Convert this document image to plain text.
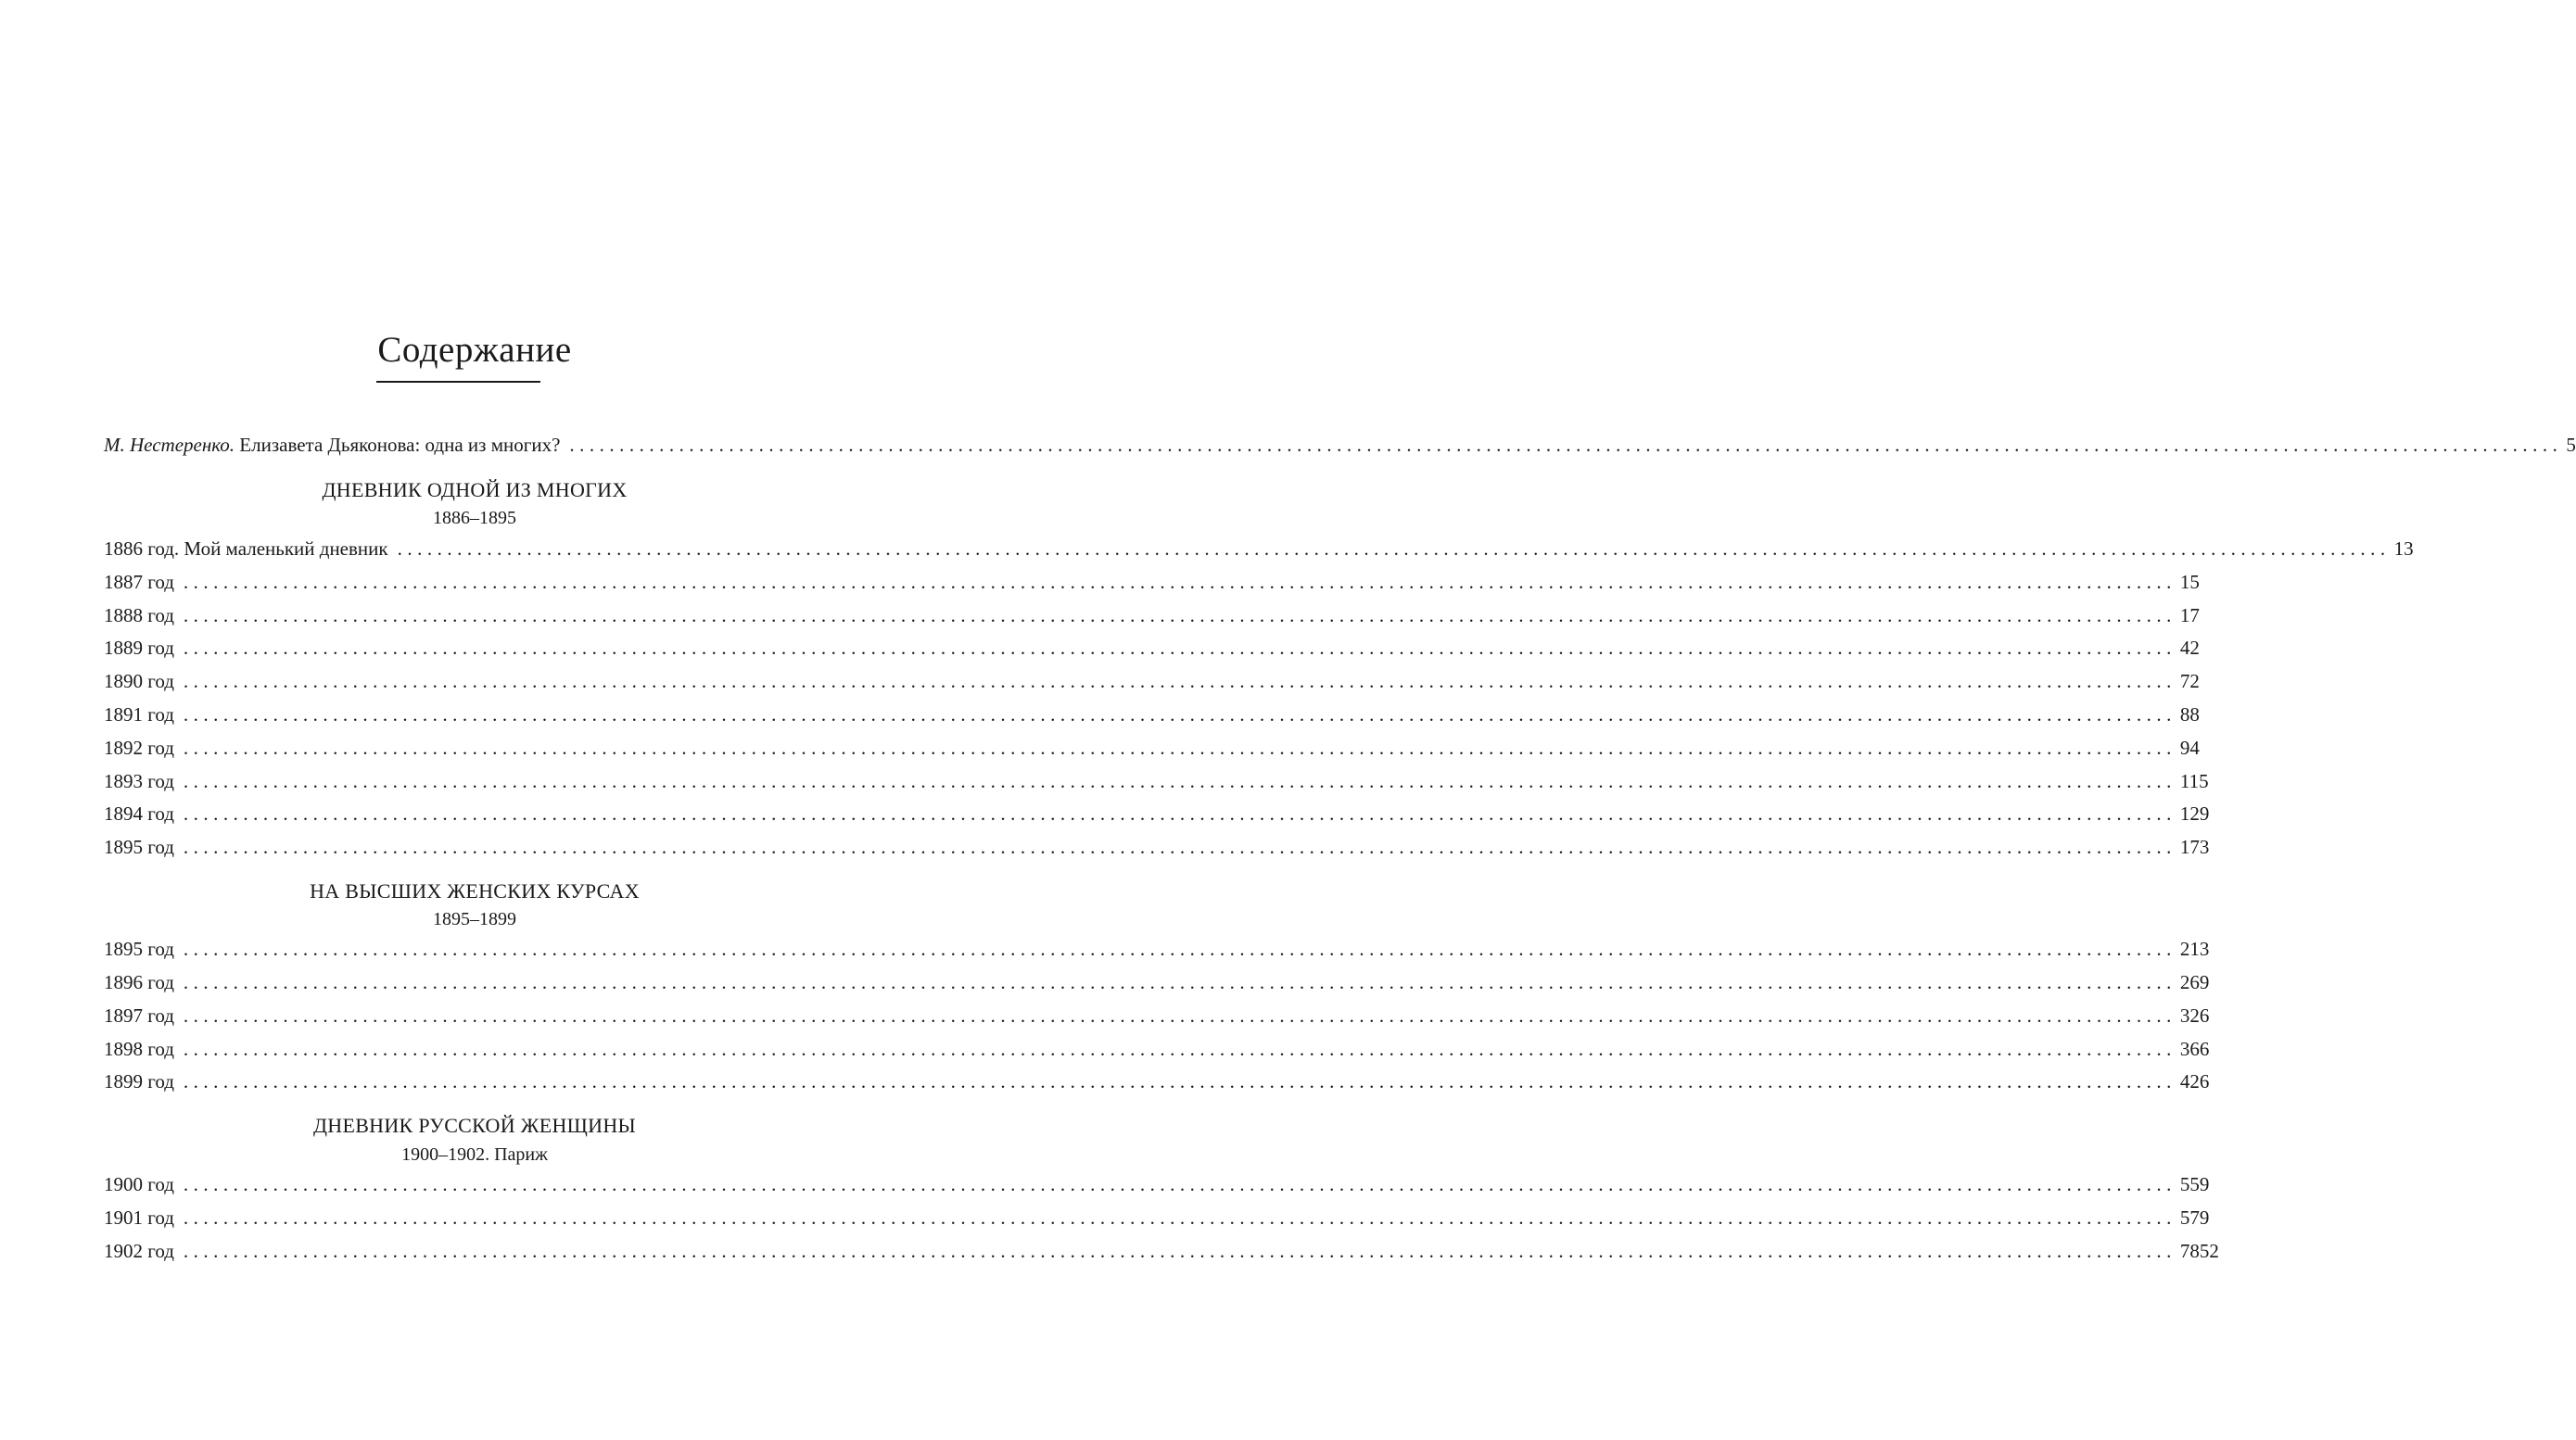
Содержание
М. Нестеренко. Елизавета Дьяконова: одна из многих? ........................................................................................................................................................................................................ 5
ДНЕВНИК ОДНОЙ ИЗ МНОГИХ
1886–1895
1886 год. Мой маленький дневник ........................................................................................................................................................................................................ 13
1887 год ........................................................................................................................................................................................................ 15
1888 год ........................................................................................................................................................................................................ 17
1889 год ........................................................................................................................................................................................................ 42
1890 год ........................................................................................................................................................................................................ 72
1891 год ........................................................................................................................................................................................................ 88
1892 год ........................................................................................................................................................................................................ 94
1893 год ........................................................................................................................................................................................................ 115
1894 год ........................................................................................................................................................................................................ 129
1895 год ........................................................................................................................................................................................................ 173
НА ВЫСШИХ ЖЕНСКИХ КУРСАХ
1895–1899
1895 год ........................................................................................................................................................................................................ 213
1896 год ........................................................................................................................................................................................................ 269
1897 год ........................................................................................................................................................................................................ 326
1898 год ........................................................................................................................................................................................................ 366
1899 год ........................................................................................................................................................................................................ 426
ДНЕВНИК РУССКОЙ ЖЕНЩИНЫ
1900–1902. Париж
1900 год ........................................................................................................................................................................................................ 559
1901 год ........................................................................................................................................................................................................ 579
1902 год ........................................................................................................................................................................................................ 7852
